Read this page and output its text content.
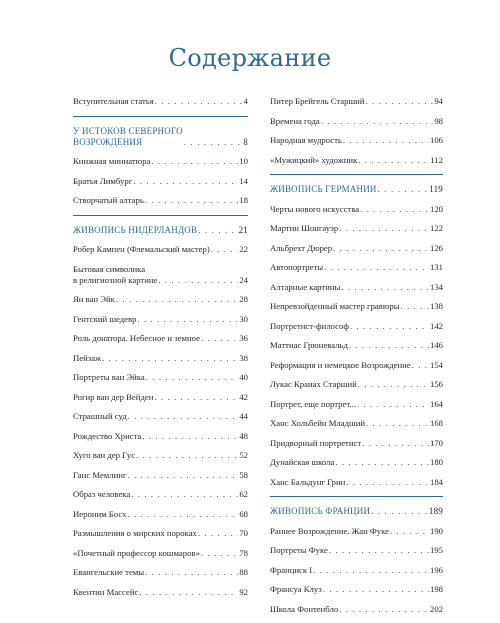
Содержание
Вступительная статья . . .	4
У ИСТОКОВ СЕВЕРНОГО
ВОЗРОЖДЕНИЯ . . .	8
Книжная миниатюра . . .	10
Братья Лимбург . . .	14
Створчатый алтарь . . .	18
ЖИВОПИСЬ НИДЕРЛАНДОВ . . .	21
Робер Кампен (Флемальский мастер) . . .	22
Бытовая символика
в религиозной картине . . .	24
Ян ван Эйк . . .	28
Гентский шедевр . . .	30
Роль донатора. Небесное и земное . . .	36
Пейзаж . . .	38
Портреты ван Эйка . . .	40
Рогир ван дер Вейден . . .	42
Страшный суд . . .	44
Рождество Христа . . .	48
Хуго ван дер Гус . . .	52
Ганс Мемлинг . . .	58
Образ человека . . .	62
Иероним Босх . . .	68
Размышления о мирских пороках . . .	70
«Почетный профессор кошмаров» . . .	78
Евангельские темы . . .	88
Квентин Массейс . . .	92
Питер Брейгель Старший . . .	94
Времена года . . .	98
Народная мудрость . . .	106
«Мужицкий» художник . . .	112
ЖИВОПИСЬ ГЕРМАНИИ . . .	119
Черты нового искусства . . .	120
Мартин Шонгауэр . . .	122
Альбрехт Дюрер . . .	126
Автопортреты . . .	131
Алтарные картины . . .	134
Непревзойденный мастер гравюры . . .	138
Портретист-философ . . .	142
Маттиас Грюневальд . . .	146
Реформация и немецкое Возрождение . . . 154
Лукас Кранах Старший . . .	156
Портрет, еще портрет... . . .	164
Ханс Хольбейн Младший . . .	168
Придворный портретист . . .	170
Дунайская школа . . .	180
Ханс Бальдунг Грин . . .	184
ЖИВОПИСЬ ФРАНЦИИ . . .	189
Раннее Возрождение. Жан Фуке . . .	190
Портреты Фуке . . .	195
Франциск I . . .	196
Франсуа Клуэ . . .	198
Школа Фонтенбло . . .	202
